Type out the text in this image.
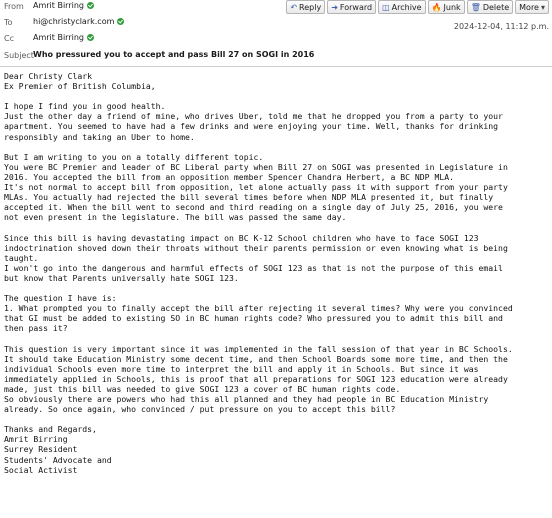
From Amrit Birring
To	hi@christyclark.com
Cc Amrit Birring
Subject Who pressured you to accept and pass Bill 27 on SOGI in 2016
↶ Reply ➜ Forward ◫ Archive 🔥 Junk 🗑 Delete More ▾
2024-12-04, 11:12 p.m.
Dear Christy Clark
Ex Premier of British Columbia,

I hope I find you in good health.
Just the other day a friend of mine, who drives Uber, told me that he dropped you from a party to your
apartment. You seemed to have had a few drinks and were enjoying your time. Well, thanks for drinking
responsibly and taking an Uber to home.

But I am writing to you on a totally different topic.
You were BC Premier and leader of BC Liberal party when Bill 27 on SOGI was presented in Legislature in
2016. You accepted the bill from an opposition member Spencer Chandra Herbert, a BC NDP MLA.
It's not normal to accept bill from opposition, let alone actually pass it with support from your party
MLAs. You actually had rejected the bill several times before when NDP MLA presented it, but finally
accepted it. When the bill went to second and third reading on a single day of July 25, 2016, you were
not even present in the legislature. The bill was passed the same day.

Since this bill is having devastating impact on BC K-12 School children who have to face SOGI 123
indoctrination shoved down their throats without their parents permission or even knowing what is being
taught.
I won't go into the dangerous and harmful effects of SOGI 123 as that is not the purpose of this email
but know that Parents universally hate SOGI 123.

The question I have is:
1. What prompted you to finally accept the bill after rejecting it several times? Why were you convinced
that GI must be added to existing SO in BC human rights code? Who pressured you to admit this bill and
then pass it?

This question is very important since it was implemented in the fall session of that year in BC Schools.
It should take Education Ministry some decent time, and then School Boards some more time, and then the
individual Schools even more time to interpret the bill and apply it in Schools. But since it was
immediately applied in Schools, this is proof that all preparations for SOGI 123 education were already
made, just this bill was needed to give SOGI 123 a cover of BC human rights code.
So obviously there are powers who had this all planned and they had people in BC Education Ministry
already. So once again, who convinced / put pressure on you to accept this bill?

Thanks and Regards,
Amrit Birring
Surrey Resident
Students' Advocate and
Social Activist
